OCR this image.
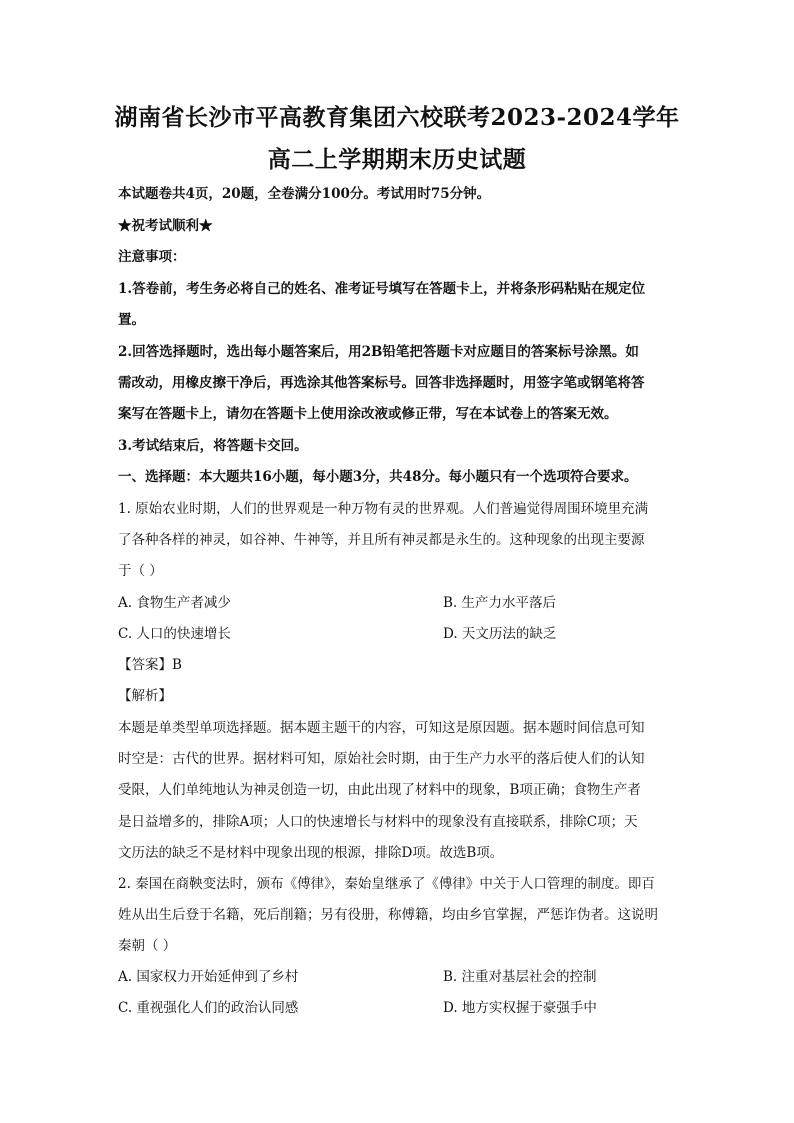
湖南省长沙市平高教育集团六校联考2023-2024学年
高二上学期期末历史试题
本试题卷共4页，20题，全卷满分100分。考试用时75分钟。
★祝考试顺利★
注意事项：
1.答卷前，考生务必将自己的姓名、准考证号填写在答题卡上，并将条形码粘贴在规定位
置。
2.回答选择题时，选出每小题答案后，用2B铅笔把答题卡对应题目的答案标号涂黑。如
需改动，用橡皮擦干净后，再选涂其他答案标号。回答非选择题时，用签字笔或钢笔将答
案写在答题卡上，请勿在答题卡上使用涂改液或修正带，写在本试卷上的答案无效。
3.考试结束后，将答题卡交回。
一、选择题：本大题共16小题，每小题3分，共48分。每小题只有一个选项符合要求。
1. 原始农业时期，人们的世界观是一种万物有灵的世界观。人们普遍觉得周围环境里充满
了各种各样的神灵，如谷神、牛神等，并且所有神灵都是永生的。这种现象的出现主要源
于（ ）
A. 食物生产者减少	B. 生产力水平落后
C. 人口的快速增长	D. 天文历法的缺乏
【答案】B
【解析】
本题是单类型单项选择题。据本题主题干的内容，可知这是原因题。据本题时间信息可知
时空是：古代的世界。据材料可知，原始社会时期，由于生产力水平的落后使人们的认知
受限，人们单纯地认为神灵创造一切，由此出现了材料中的现象，B项正确；食物生产者
是日益增多的，排除A项；人口的快速增长与材料中的现象没有直接联系，排除C项；天
文历法的缺乏不是材料中现象出现的根源，排除D项。故选B项。
2. 秦国在商鞅变法时，颁布《傅律》，秦始皇继承了《傅律》中关于人口管理的制度。即百
姓从出生后登于名籍，死后削籍；另有役册，称傅籍，均由乡官掌握，严惩诈伪者。这说明
秦朝（ ）
A. 国家权力开始延伸到了乡村	B. 注重对基层社会的控制
C. 重视强化人们的政治认同感	D. 地方实权握于豪强手中
